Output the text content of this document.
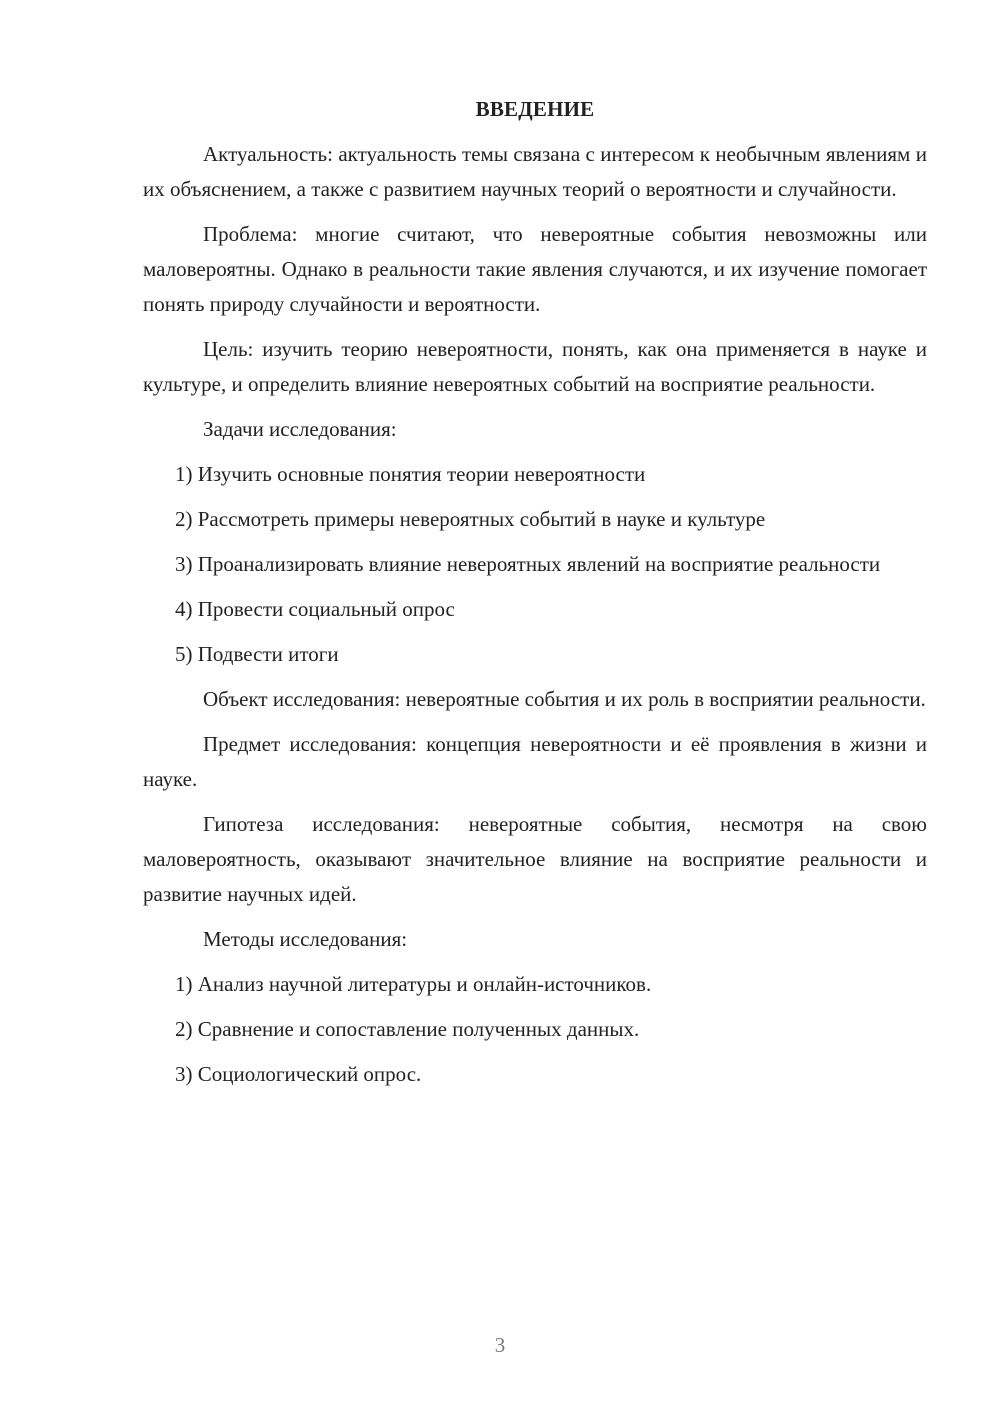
ВВЕДЕНИЕ

Актуальность: актуальность темы связана с интересом к необычным явлениям и их объяснением, а также с развитием научных теорий о вероятности и случайности.

Проблема: многие считают, что невероятные события невозможны или маловероятны. Однако в реальности такие явления случаются, и их изучение помогает понять природу случайности и вероятности.

Цель: изучить теорию невероятности, понять, как она применяется в науке и культуре, и определить влияние невероятных событий на восприятие реальности.

Задачи исследования:

1) Изучить основные понятия теории невероятности

2) Рассмотреть примеры невероятных событий в науке и культуре

3) Проанализировать влияние невероятных явлений на восприятие реальности

4) Провести социальный опрос

5) Подвести итоги

Объект исследования: невероятные события и их роль в восприятии реальности.

Предмет исследования: концепция невероятности и её проявления в жизни и науке.

Гипотеза исследования: невероятные события, несмотря на свою маловероятность, оказывают значительное влияние на восприятие реальности и развитие научных идей.

Методы исследования:

1) Анализ научной литературы и онлайн-источников.

2) Сравнение и сопоставление полученных данных.

3) Социологический опрос.

3
